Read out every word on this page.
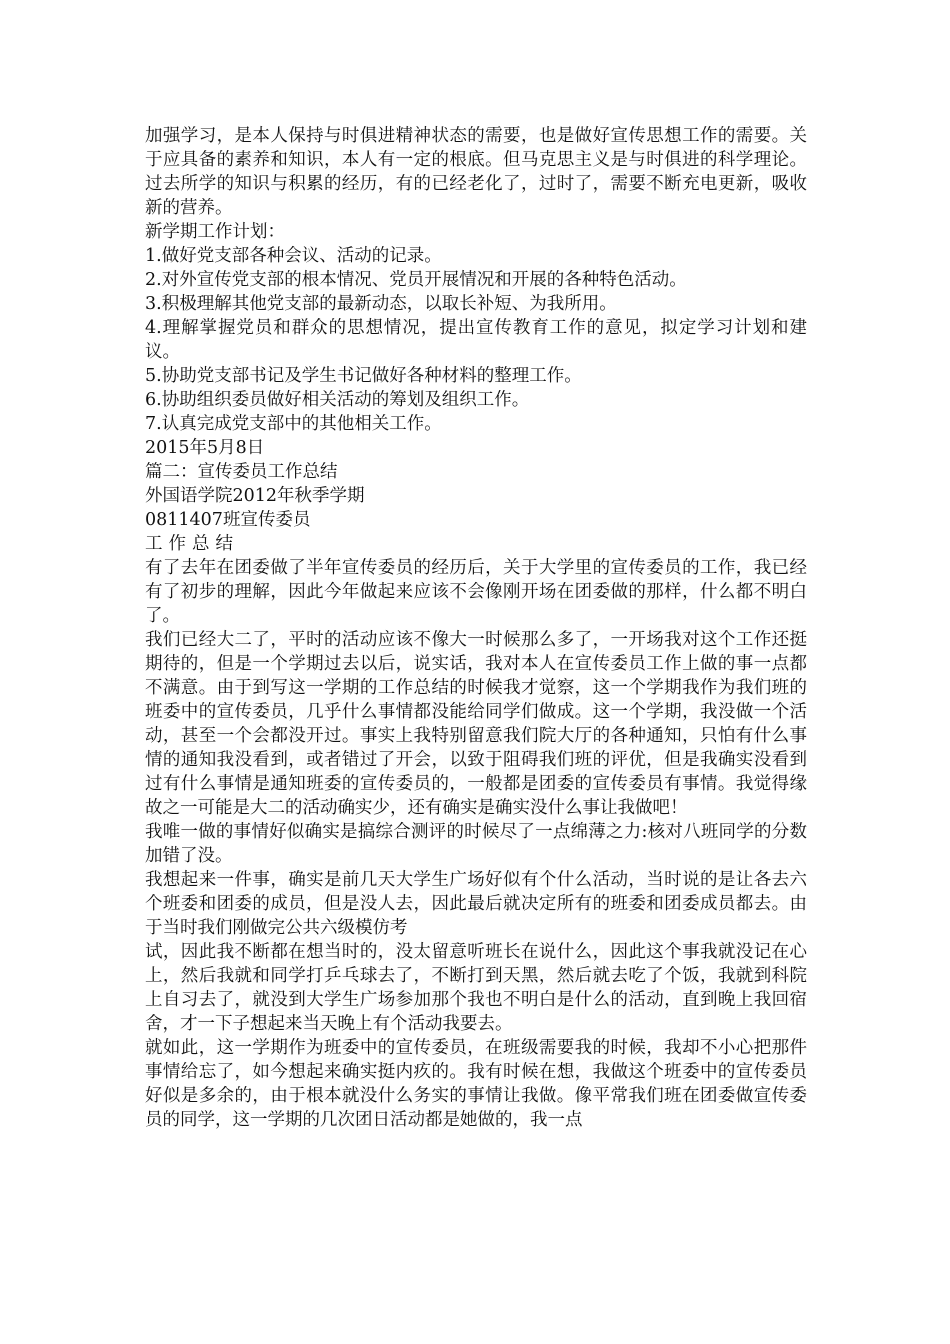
加强学习，是本人保持与时俱进精神状态的需要，也是做好宣传思想工作的需要。关于应具备的素养和知识，本人有一定的根底。但马克思主义是与时俱进的科学理论。过去所学的知识与积累的经历，有的已经老化了，过时了，需要不断充电更新，吸收新的营养。

新学期工作计划：

1.做好党支部各种会议、活动的记录。

2.对外宣传党支部的根本情况、党员开展情况和开展的各种特色活动。

3.积极理解其他党支部的最新动态，以取长补短、为我所用。

4.理解掌握党员和群众的思想情况，提出宣传教育工作的意见，拟定学习计划和建议。

5.协助党支部书记及学生书记做好各种材料的整理工作。

6.协助组织委员做好相关活动的筹划及组织工作。

7.认真完成党支部中的其他相关工作。

2015年5月8日

篇二：宣传委员工作总结

外国语学院2012年秋季学期

0811407班宣传委员

工作总结

有了去年在团委做了半年宣传委员的经历后，关于大学里的宣传委员的工作，我已经有了初步的理解，因此今年做起来应该不会像刚开场在团委做的那样，什么都不明白了。

我们已经大二了，平时的活动应该不像大一时候那么多了，一开场我对这个工作还挺期待的，但是一个学期过去以后，说实话，我对本人在宣传委员工作上做的事一点都不满意。由于到写这一学期的工作总结的时候我才觉察，这一个学期我作为我们班的班委中的宣传委员，几乎什么事情都没能给同学们做成。这一个学期，我没做一个活动，甚至一个会都没开过。事实上我特别留意我们院大厅的各种通知，只怕有什么事情的通知我没看到，或者错过了开会，以致于阻碍我们班的评优，但是我确实没看到过有什么事情是通知班委的宣传委员的，一般都是团委的宣传委员有事情。我觉得缘故之一可能是大二的活动确实少，还有确实是确实没什么事让我做吧！

我唯一做的事情好似确实是搞综合测评的时候尽了一点绵薄之力:核对八班同学的分数加错了没。

我想起来一件事，确实是前几天大学生广场好似有个什么活动，当时说的是让各去六个班委和团委的成员，但是没人去，因此最后就决定所有的班委和团委成员都去。由于当时我们刚做完公共六级模仿考

试，因此我不断都在想当时的，没太留意听班长在说什么，因此这个事我就没记在心上，然后我就和同学打乒乓球去了，不断打到天黑，然后就去吃了个饭，我就到科院上自习去了，就没到大学生广场参加那个我也不明白是什么的活动，直到晚上我回宿舍，才一下子想起来当天晚上有个活动我要去。

就如此，这一学期作为班委中的宣传委员，在班级需要我的时候，我却不小心把那件事情给忘了，如今想起来确实挺内疚的。我有时候在想，我做这个班委中的宣传委员好似是多余的，由于根本就没什么务实的事情让我做。像平常我们班在团委做宣传委员的同学，这一学期的几次团日活动都是她做的，我一点
